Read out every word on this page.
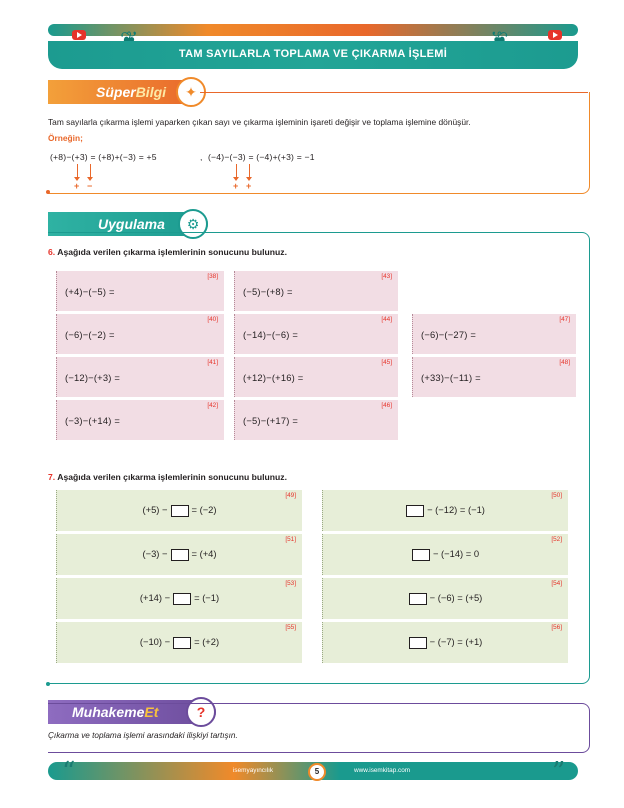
TAM SAYILARLA TOPLAMA VE ÇIKARMA İŞLEMİ
SüperBilgi	✦
Tam sayılarla çıkarma işlemi yaparken çıkan sayı ve çıkarma işleminin işareti değişir ve toplama işlemine dönüşür.
Örneğin;
(+8)−(+3) = (+8)+(−3) = +5	, (−4)−(−3) = (−4)+(+3) = −1
+ −	+ +
Uygulama	⚙
6. Aşağıda verilen çıkarma işlemlerinin sonucunu bulunuz.
[38]
(+4)−(−5) =
[43]
(−5)−(+8) =
[40]
(−6)−(−2) =
[44]
(−14)−(−6) =
[47]
(−6)−(−27) =
[41]
(−12)−(+3) =
[45]
(+12)−(+16) =
[48]
(+33)−(−11) =
[42]
(−3)−(+14) =
[46]
(−5)−(+17) =
7. Aşağıda verilen çıkarma işlemlerinin sonucunu bulunuz.
[49]
(+5) −	= (−2)
[50]
− (−12) = (−1)
[51]
(−3) −	= (+4)
[52]
− (−14) = 0
[53]
(+14) −	= (−1)
[54]
− (−6) = (+5)
[55]
(−10) −	= (+2)
[56]
− (−7) = (+1)
MuhakemeEt	?
Çıkarma ve toplama işlemi arasındaki ilişkiyi tartışın.
isemyayıncılık	www.isemkitap.com
5
“	”
